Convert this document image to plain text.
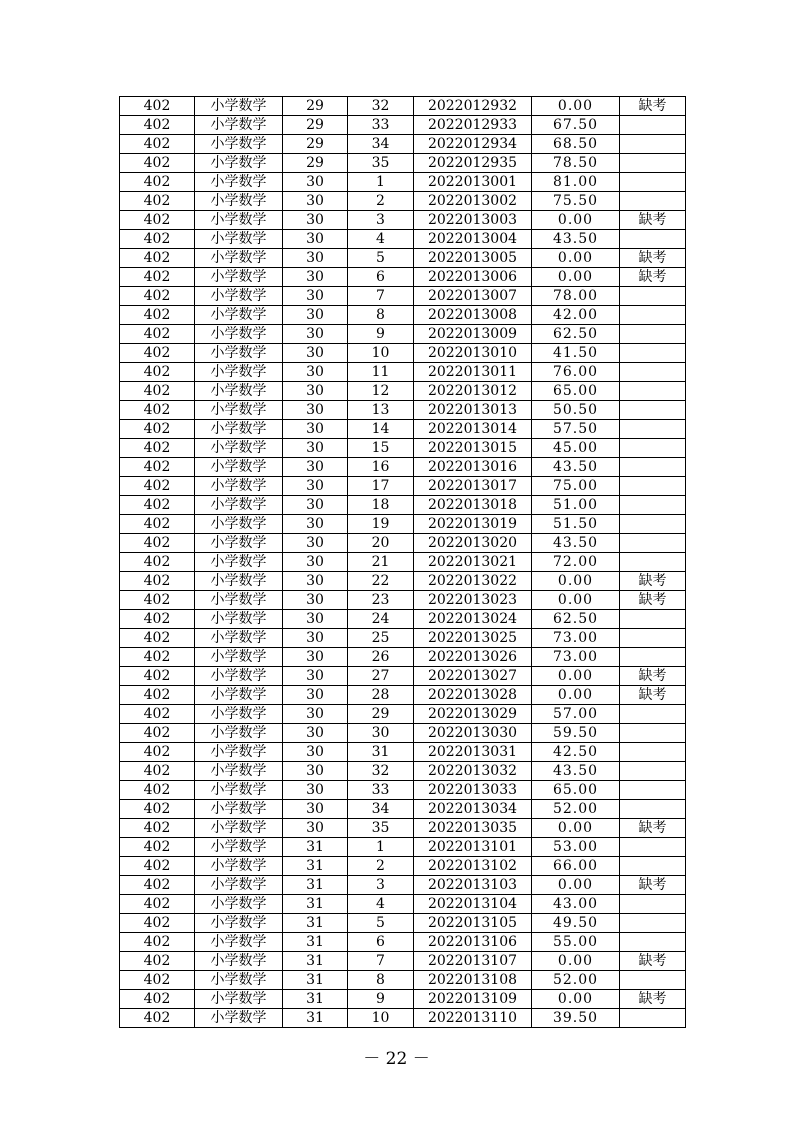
402	小学数学	29	32	2022012932	0.00	缺考
402	小学数学	29	33	2022012933	67.50	
402	小学数学	29	34	2022012934	68.50	
402	小学数学	29	35	2022012935	78.50	
402	小学数学	30	1	2022013001	81.00	
402	小学数学	30	2	2022013002	75.50	
402	小学数学	30	3	2022013003	0.00	缺考
402	小学数学	30	4	2022013004	43.50	
402	小学数学	30	5	2022013005	0.00	缺考
402	小学数学	30	6	2022013006	0.00	缺考
402	小学数学	30	7	2022013007	78.00	
402	小学数学	30	8	2022013008	42.00	
402	小学数学	30	9	2022013009	62.50	
402	小学数学	30	10	2022013010	41.50	
402	小学数学	30	11	2022013011	76.00	
402	小学数学	30	12	2022013012	65.00	
402	小学数学	30	13	2022013013	50.50	
402	小学数学	30	14	2022013014	57.50	
402	小学数学	30	15	2022013015	45.00	
402	小学数学	30	16	2022013016	43.50	
402	小学数学	30	17	2022013017	75.00	
402	小学数学	30	18	2022013018	51.00	
402	小学数学	30	19	2022013019	51.50	
402	小学数学	30	20	2022013020	43.50	
402	小学数学	30	21	2022013021	72.00	
402	小学数学	30	22	2022013022	0.00	缺考
402	小学数学	30	23	2022013023	0.00	缺考
402	小学数学	30	24	2022013024	62.50	
402	小学数学	30	25	2022013025	73.00	
402	小学数学	30	26	2022013026	73.00	
402	小学数学	30	27	2022013027	0.00	缺考
402	小学数学	30	28	2022013028	0.00	缺考
402	小学数学	30	29	2022013029	57.00	
402	小学数学	30	30	2022013030	59.50	
402	小学数学	30	31	2022013031	42.50	
402	小学数学	30	32	2022013032	43.50	
402	小学数学	30	33	2022013033	65.00	
402	小学数学	30	34	2022013034	52.00	
402	小学数学	30	35	2022013035	0.00	缺考
402	小学数学	31	1	2022013101	53.00	
402	小学数学	31	2	2022013102	66.00	
402	小学数学	31	3	2022013103	0.00	缺考
402	小学数学	31	4	2022013104	43.00	
402	小学数学	31	5	2022013105	49.50	
402	小学数学	31	6	2022013106	55.00	
402	小学数学	31	7	2022013107	0.00	缺考
402	小学数学	31	8	2022013108	52.00	
402	小学数学	31	9	2022013109	0.00	缺考
402	小学数学	31	10	2022013110	39.50	
－ 22 －
